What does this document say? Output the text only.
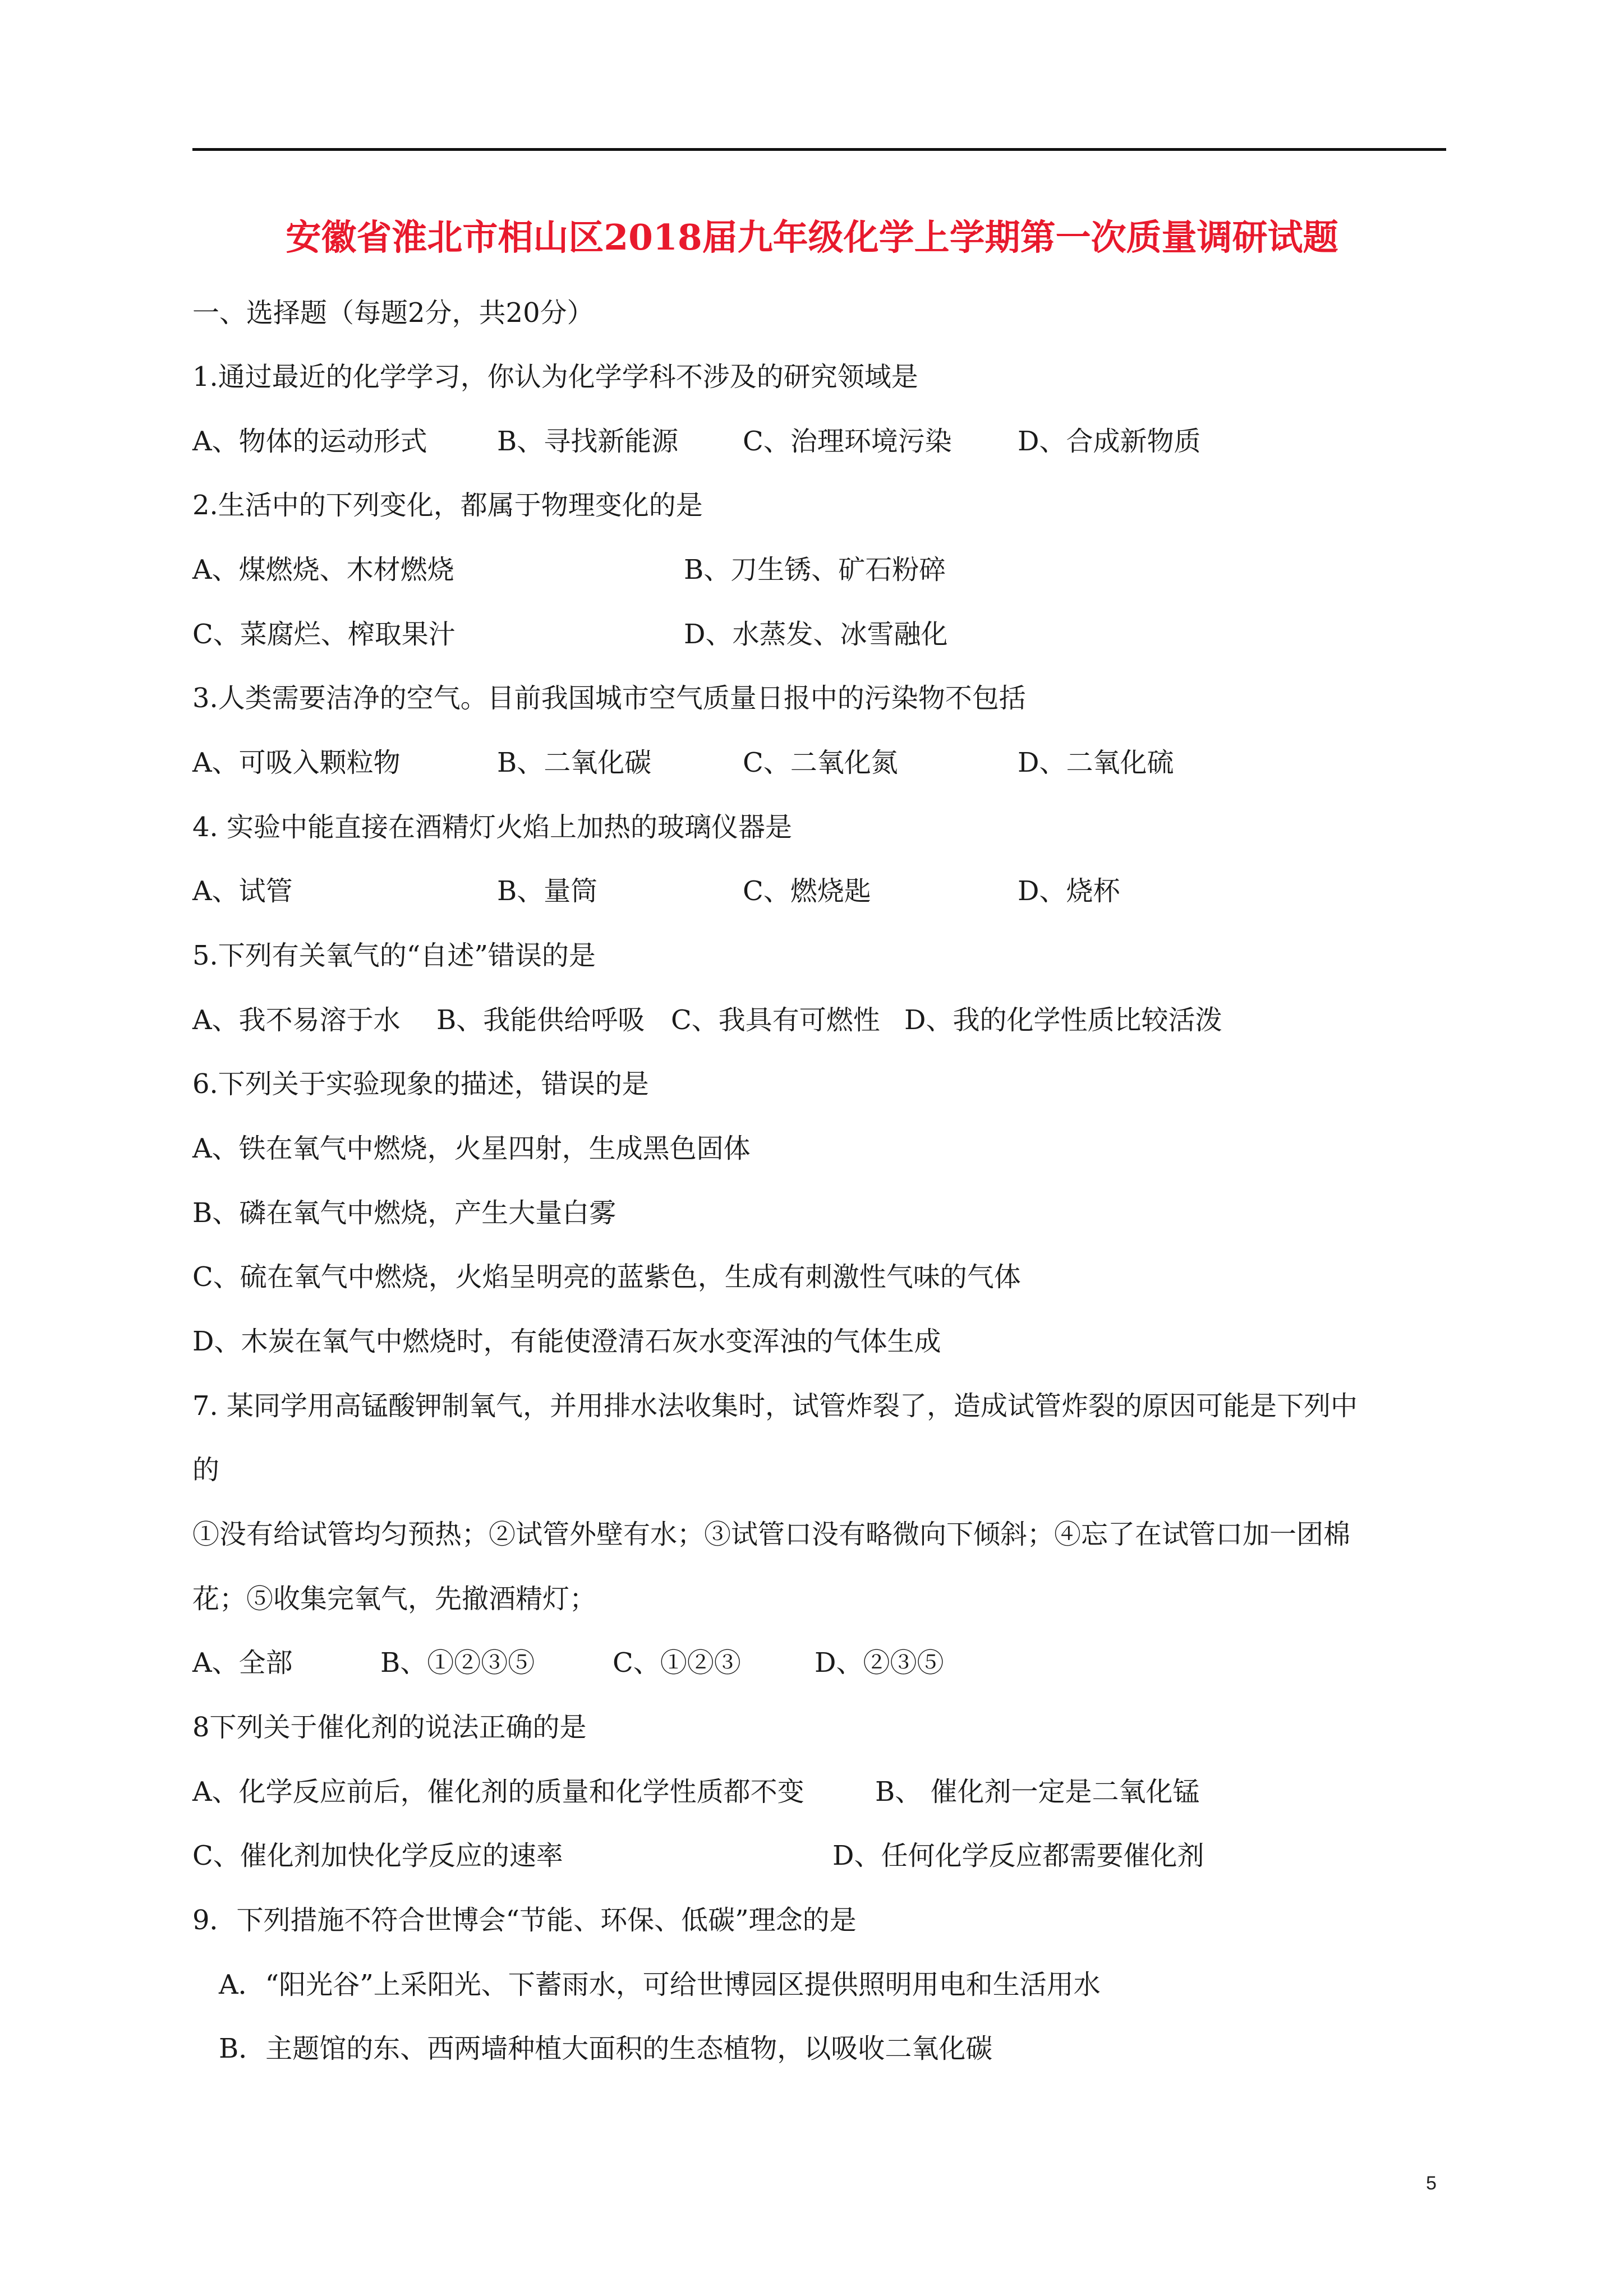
安徽省淮北市相山区2018届九年级化学上学期第一次质量调研试题
一、选择题（每题2分，共20分）
1.通过最近的化学学习，你认为化学学科不涉及的研究领域是
A、物体的运动形式	B、寻找新能源 C、治理环境污染 D、合成新物质
2.生活中的下列变化，都属于物理变化的是
A、煤燃烧、木材燃烧	B、刀生锈、矿石粉碎
C、菜腐烂、榨取果汁	D、水蒸发、冰雪融化
3.人类需要洁净的空气。目前我国城市空气质量日报中的污染物不包括
A、可吸入颗粒物	B、二氧化碳	C、二氧化氮	D、二氧化硫
4. 实验中能直接在酒精灯火焰上加热的玻璃仪器是
A、试管	B、量筒	C、燃烧匙	D、烧杯
5.下列有关氧气的“自述”错误的是
A、我不易溶于水 B、我能供给呼吸 C、我具有可燃性 D、我的化学性质比较活泼
6.下列关于实验现象的描述，错误的是
A、铁在氧气中燃烧，火星四射，生成黑色固体
B、磷在氧气中燃烧，产生大量白雾
C、硫在氧气中燃烧，火焰呈明亮的蓝紫色，生成有刺激性气味的气体
D、木炭在氧气中燃烧时，有能使澄清石灰水变浑浊的气体生成
7. 某同学用高锰酸钾制氧气，并用排水法收集时，试管炸裂了，造成试管炸裂的原因可能是下列中
的
①没有给试管均匀预热；②试管外壁有水；③试管口没有略微向下倾斜；④忘了在试管口加一团棉
花；⑤收集完氧气，先撤酒精灯；
A、全部	B、①②③⑤	C、①②③	D、②③⑤
8下列关于催化剂的说法正确的是
A、化学反应前后，催化剂的质量和化学性质都不变	B、 催化剂一定是二氧化锰
C、催化剂加快化学反应的速率	D、任何化学反应都需要催化剂
9．下列措施不符合世博会“节能、环保、低碳”理念的是
A．“阳光谷”上采阳光、下蓄雨水，可给世博园区提供照明用电和生活用水
B．主题馆的东、西两墙种植大面积的生态植物，以吸收二氧化碳
5
